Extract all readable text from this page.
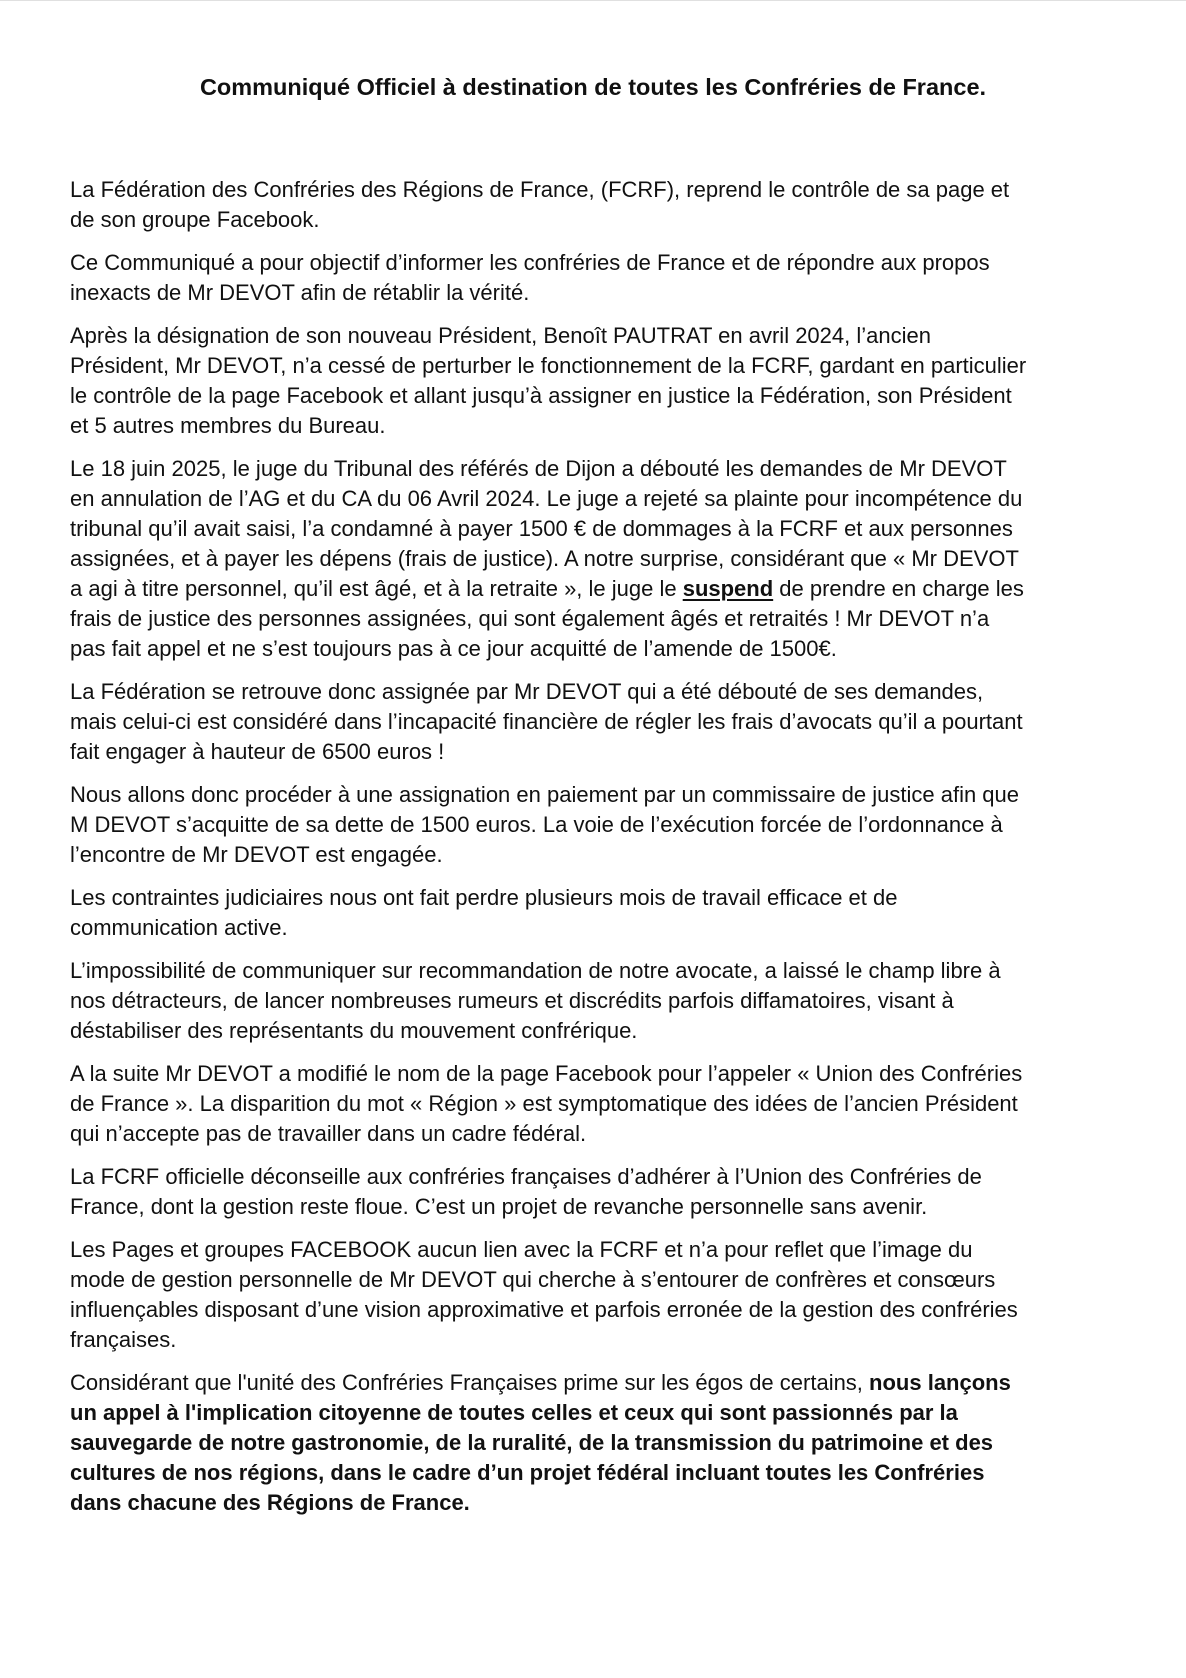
Communiqué Officiel à destination de toutes les Confréries de France.

La Fédération des Confréries des Régions de France, (FCRF), reprend le contrôle de sa page et
de son groupe Facebook.

Ce Communiqué a pour objectif d’informer les confréries de France et de répondre aux propos
inexacts de Mr DEVOT afin de rétablir la vérité.

Après la désignation de son nouveau Président, Benoît PAUTRAT en avril 2024, l’ancien
Président, Mr DEVOT, n’a cessé de perturber le fonctionnement de la FCRF, gardant en particulier
le contrôle de la page Facebook et allant jusqu’à assigner en justice la Fédération, son Président
et 5 autres membres du Bureau.

Le 18 juin 2025, le juge du Tribunal des référés de Dijon a débouté les demandes de Mr DEVOT
en annulation de l’AG et du CA du 06 Avril 2024. Le juge a rejeté sa plainte pour incompétence du
tribunal qu’il avait saisi, l’a condamné à payer 1500 € de dommages à la FCRF et aux personnes
assignées, et à payer les dépens (frais de justice). A notre surprise, considérant que « Mr DEVOT
a agi à titre personnel, qu’il est âgé, et à la retraite », le juge le suspend de prendre en charge les
frais de justice des personnes assignées, qui sont également âgés et retraités ! Mr DEVOT n’a
pas fait appel et ne s’est toujours pas à ce jour acquitté de l’amende de 1500€.

La Fédération se retrouve donc assignée par Mr DEVOT qui a été débouté de ses demandes,
mais celui-ci est considéré dans l’incapacité financière de régler les frais d’avocats qu’il a pourtant
fait engager à hauteur de 6500 euros !

Nous allons donc procéder à une assignation en paiement par un commissaire de justice afin que
M DEVOT s’acquitte de sa dette de 1500 euros. La voie de l’exécution forcée de l’ordonnance à
l’encontre de Mr DEVOT est engagée.

Les contraintes judiciaires nous ont fait perdre plusieurs mois de travail efficace et de
communication active.

L’impossibilité de communiquer sur recommandation de notre avocate, a laissé le champ libre à
nos détracteurs, de lancer nombreuses rumeurs et discrédits parfois diffamatoires, visant à
déstabiliser des représentants du mouvement confrérique.

A la suite Mr DEVOT a modifié le nom de la page Facebook pour l’appeler « Union des Confréries
de France ». La disparition du mot « Région » est symptomatique des idées de l’ancien Président
qui n’accepte pas de travailler dans un cadre fédéral.

La FCRF officielle déconseille aux confréries françaises d’adhérer à l’Union des Confréries de
France, dont la gestion reste floue. C’est un projet de revanche personnelle sans avenir.

Les Pages et groupes FACEBOOK aucun lien avec la FCRF et n’a pour reflet que l’image du
mode de gestion personnelle de Mr DEVOT qui cherche à s’entourer de confrères et consœurs
influençables disposant d’une vision approximative et parfois erronée de la gestion des confréries
françaises.

Considérant que l'unité des Confréries Françaises prime sur les égos de certains, nous lançons
un appel à l'implication citoyenne de toutes celles et ceux qui sont passionnés par la
sauvegarde de notre gastronomie, de la ruralité, de la transmission du patrimoine et des
cultures de nos régions, dans le cadre d’un projet fédéral incluant toutes les Confréries
dans chacune des Régions de France.
